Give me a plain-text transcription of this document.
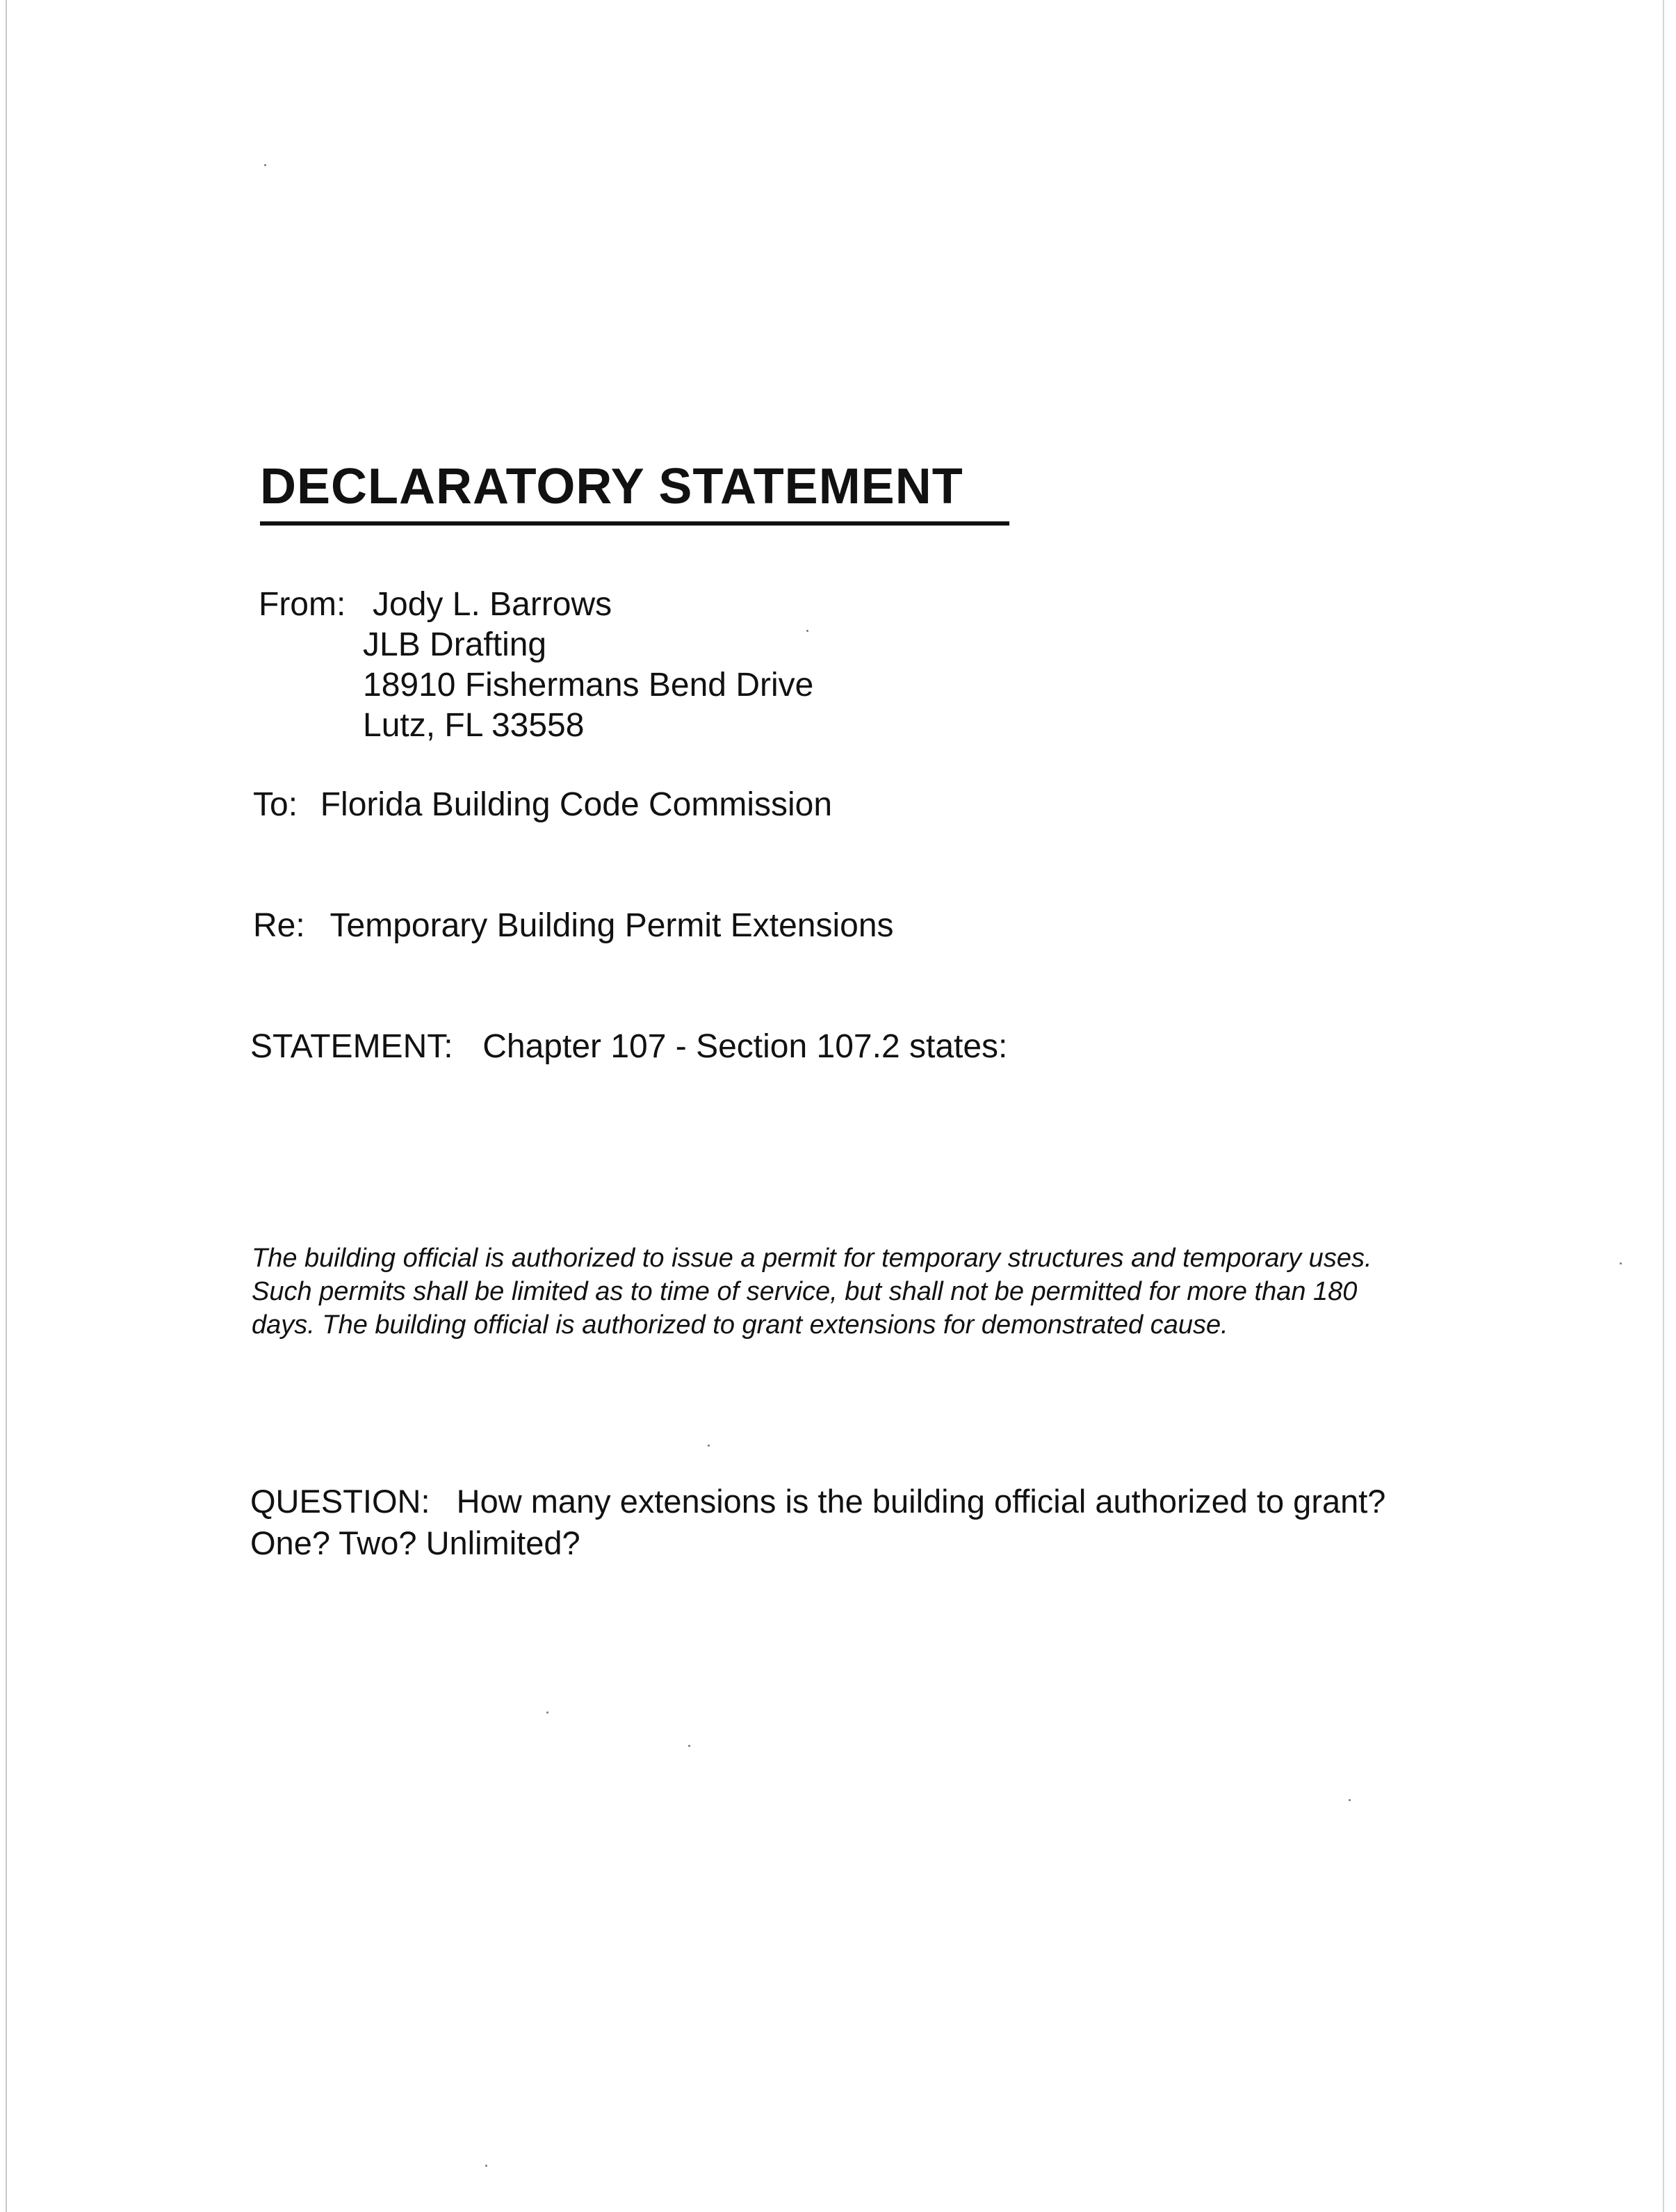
DECLARATORY STATEMENT

From: Jody L. Barrows

JLB Drafting

18910 Fishermans Bend Drive

Lutz, FL 33558

To: Florida Building Code Commission

Re: Temporary Building Permit Extensions

STATEMENT: Chapter 107 - Section 107.2 states:

The building official is authorized to issue a permit for temporary structures and temporary uses. Such permits shall be limited as to time of service, but shall not be permitted for more than 180 days. The building official is authorized to grant extensions for demonstrated cause.

QUESTION: How many extensions is the building official authorized to grant? One? Two? Unlimited?
